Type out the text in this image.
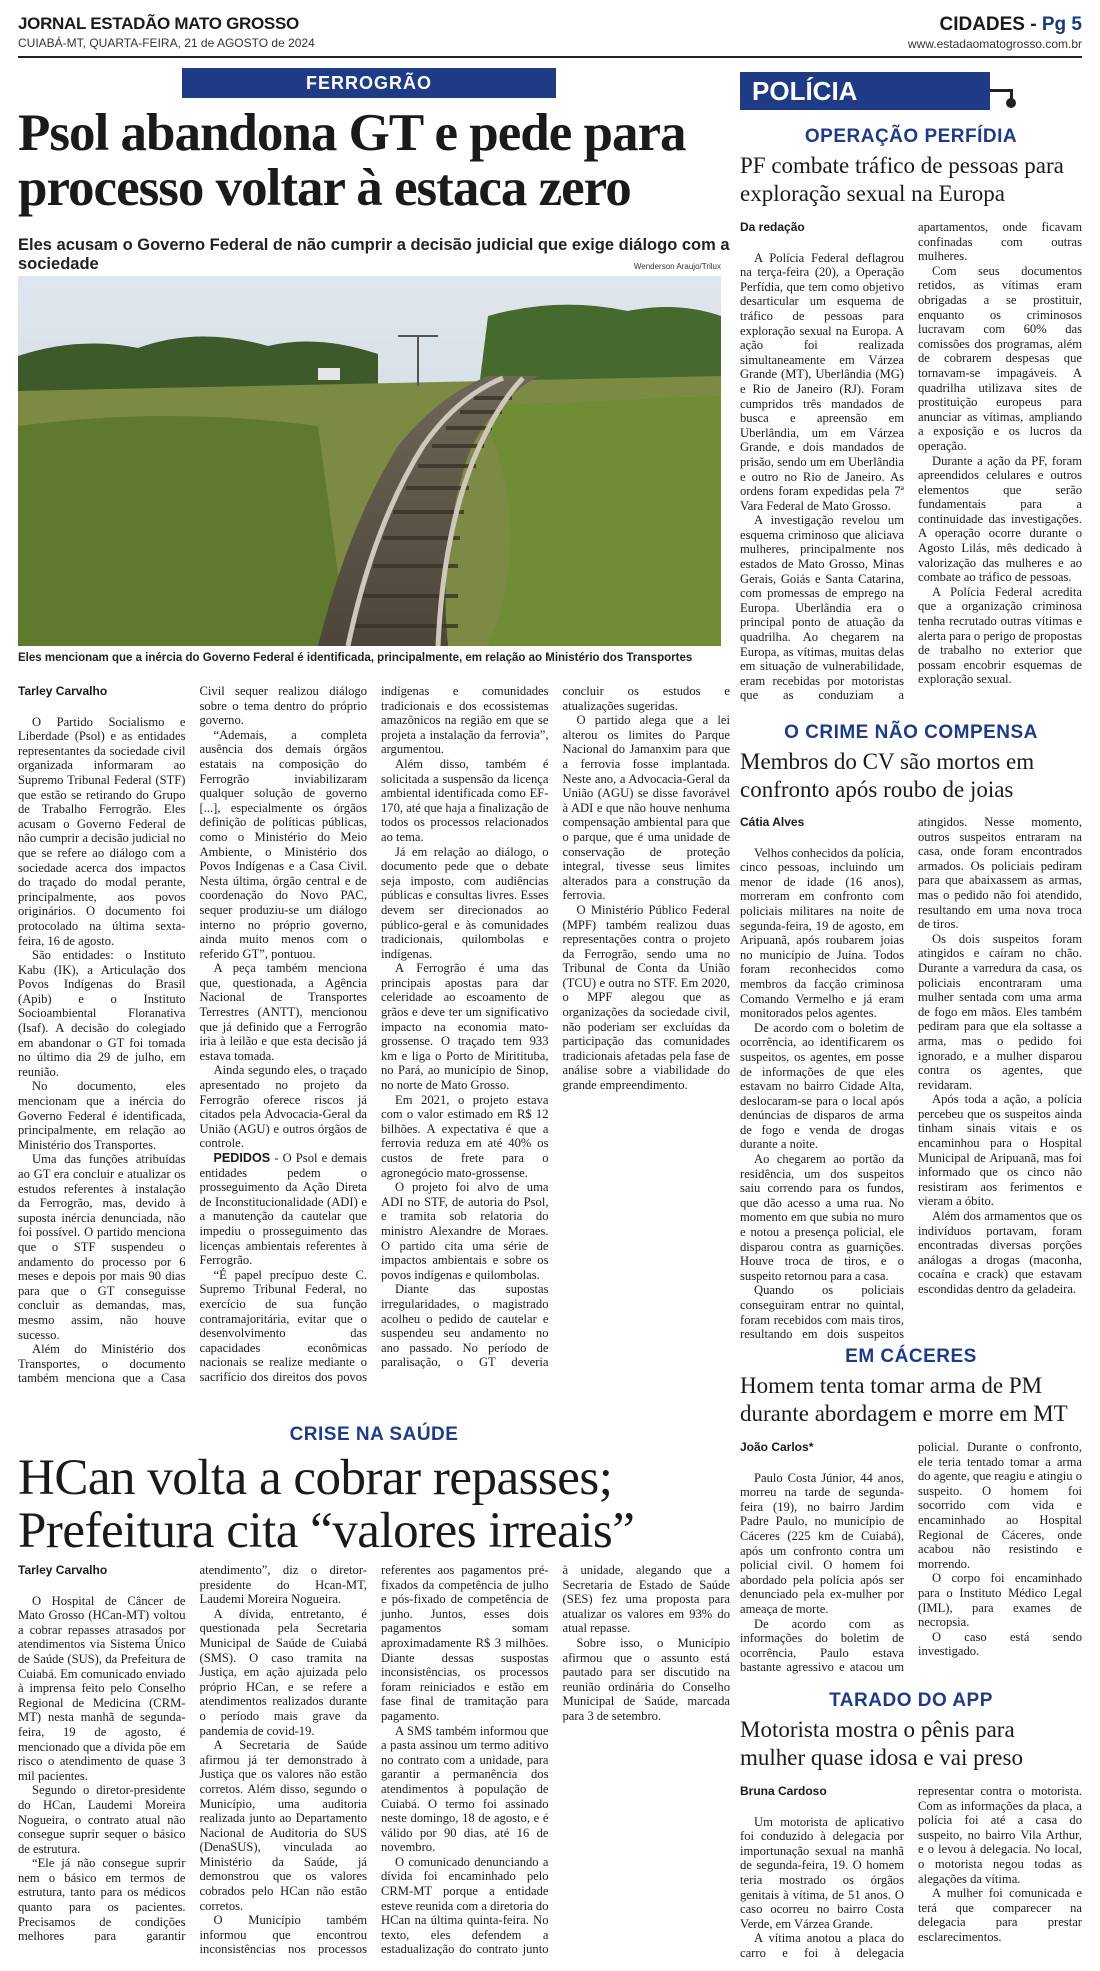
JORNAL ESTADÃO MATO GROSSO
CUIABÁ-MT, QUARTA-FEIRA, 21 de AGOSTO de 2024
CIDADES - Pg 5
www.estadaomatogrosso.com.br
FERROGRÃO
Psol abandona GT e pede para processo voltar à estaca zero
Eles acusam o Governo Federal de não cumprir a decisão judicial que exige diálogo com a sociedade	Wenderson Araujo/Trilux
Eles mencionam que a inércia do Governo Federal é identificada, principalmente, em relação ao Ministério dos Transportes
Tarley Carvalho

O Partido Socialismo e Liberdade (Psol) e as entidades representantes da sociedade civil organizada informaram ao Supremo Tribunal Federal (STF) que estão se retirando do Grupo de Trabalho Ferrogrão. Eles acusam o Governo Federal de não cumprir a decisão judicial no que se refere ao diálogo com a sociedade acerca dos impactos do traçado do modal perante, principalmente, aos povos originários. O documento foi protocolado na última sexta-feira, 16 de agosto.

São entidades: o Instituto Kabu (IK), a Articulação dos Povos Indígenas do Brasil (Apib) e o Instituto Socioambiental Floranativa (Isaf). A decisão do colegiado em abandonar o GT foi tomada no último dia 29 de julho, em reunião.

No documento, eles mencionam que a inércia do Governo Federal é identificada, principalmente, em relação ao Ministério dos Transportes.

Uma das funções atribuídas ao GT era concluir e atualizar os estudos referentes à instalação da Ferrogrão, mas, devido à suposta inércia denunciada, não foi possível. O partido menciona que o STF suspendeu o andamento do processo por 6 meses e depois por mais 90 dias para que o GT conseguisse concluir as demandas, mas, mesmo assim, não houve sucesso.

Além do Ministério dos Transportes, o documento também menciona que a Casa Civil sequer realizou diálogo sobre o tema dentro do próprio governo.

“Ademais, a completa ausência dos demais órgãos estatais na composição do Ferrogrão inviabilizaram qualquer solução de governo [...], especialmente os órgãos definição de políticas públicas, como o Ministério do Meio Ambiente, o Ministério dos Povos Indígenas e a Casa Civil. Nesta última, órgão central e de coordenação do Novo PAC, sequer produziu-se um diálogo interno no próprio governo, ainda muito menos com o referido GT”, pontuou.

A peça também menciona que, questionada, a Agência Nacional de Transportes Terrestres (ANTT), mencionou que já definido que a Ferrogrão iria à leilão e que esta decisão já estava tomada.

Ainda segundo eles, o traçado apresentado no projeto da Ferrogrão oferece riscos já citados pela Advocacia-Geral da União (AGU) e outros órgãos de controle.

PEDIDOS - O Psol e demais entidades pedem o prosseguimento da Ação Direta de Inconstitucionalidade (ADI) e a manutenção da cautelar que impediu o prosseguimento das licenças ambientais referentes à Ferrogrão.

“É papel precípuo deste C. Supremo Tribunal Federal, no exercício de sua função contramajoritária, evitar que o desenvolvimento das capacidades econômicas nacionais se realize mediante o sacrifício dos direitos dos povos indígenas e comunidades tradicionais e dos ecossistemas amazônicos na região em que se projeta a instalação da ferrovia”, argumentou.

Além disso, também é solicitada a suspensão da licença ambiental identificada como EF-170, até que haja a finalização de todos os processos relacionados ao tema.

Já em relação ao diálogo, o documento pede que o debate seja imposto, com audiências públicas e consultas livres. Esses devem ser direcionados ao público-geral e às comunidades tradicionais, quilombolas e indígenas.

A Ferrogrão é uma das principais apostas para dar celeridade ao escoamento de grãos e deve ter um significativo impacto na economia mato-grossense. O traçado tem 933 km e liga o Porto de Miritituba, no Pará, ao município de Sinop, no norte de Mato Grosso.

Em 2021, o projeto estava com o valor estimado em R$ 12 bilhões. A expectativa é que a ferrovia reduza em até 40% os custos de frete para o agronegócio mato-grossense.

O projeto foi alvo de uma ADI no STF, de autoria do Psol, e tramita sob relatoria do ministro Alexandre de Moraes. O partido cita uma série de impactos ambientais e sobre os povos indígenas e quilombolas.

Diante das supostas irregularidades, o magistrado acolheu o pedido de cautelar e suspendeu seu andamento no ano passado. No período de paralisação, o GT deveria concluir os estudos e atualizações sugeridas.

O partido alega que a lei alterou os limites do Parque Nacional do Jamanxim para que a ferrovia fosse implantada. Neste ano, a Advocacia-Geral da União (AGU) se disse favorável à ADI e que não houve nenhuma compensação ambiental para que o parque, que é uma unidade de conservação de proteção integral, tivesse seus limites alterados para a construção da ferrovia.

O Ministério Público Federal (MPF) também realizou duas representações contra o projeto da Ferrogrão, sendo uma no Tribunal de Conta da União (TCU) e outra no STF. Em 2020, o MPF alegou que as organizações da sociedade civil, não poderiam ser excluídas da participação das comunidades tradicionais afetadas pela fase de análise sobre a viabilidade do grande empreendimento.

CRISE NA SAÚDE
HCan volta a cobrar repasses; Prefeitura cita “valores irreais”
Tarley Carvalho

O Hospital de Câncer de Mato Grosso (HCan-MT) voltou a cobrar repasses atrasados por atendimentos via Sistema Único de Saúde (SUS), da Prefeitura de Cuiabá. Em comunicado enviado à imprensa feito pelo Conselho Regional de Medicina (CRM-MT) nesta manhã de segunda-feira, 19 de agosto, é mencionado que a dívida põe em risco o atendimento de quase 3 mil pacientes.

Segundo o diretor-presidente do HCan, Laudemi Moreira Nogueira, o contrato atual não consegue suprir sequer o básico de estrutura.

“Ele já não consegue suprir nem o básico em termos de estrutura, tanto para os médicos quanto para os pacientes. Precisamos de condições melhores para garantir atendimento”, diz o diretor-presidente do Hcan-MT, Laudemi Moreira Nogueira.

A dívida, entretanto, é questionada pela Secretaria Municipal de Saúde de Cuiabá (SMS). O caso tramita na Justiça, em ação ajuizada pelo próprio HCan, e se refere a atendimentos realizados durante o período mais grave da pandemia de covid-19.

A Secretaria de Saúde afirmou já ter demonstrado à Justiça que os valores não estão corretos. Além disso, segundo o Município, uma auditoria realizada junto ao Departamento Nacional de Auditoria do SUS (DenaSUS), vinculada ao Ministério da Saúde, já demonstrou que os valores cobrados pelo HCan não estão corretos.

O Município também informou que encontrou inconsistências nos processos referentes aos pagamentos pré-fixados da competência de julho e pós-fixado de competência de junho. Juntos, esses dois pagamentos somam aproximadamente R$ 3 milhões. Diante dessas suspostas inconsistências, os processos foram reiniciados e estão em fase final de tramitação para pagamento.

A SMS também informou que a pasta assinou um termo aditivo no contrato com a unidade, para garantir a permanência dos atendimentos à população de Cuiabá. O termo foi assinado neste domingo, 18 de agosto, e é válido por 90 dias, até 16 de novembro.

O comunicado denunciando a dívida foi encaminhado pelo CRM-MT porque a entidade esteve reunida com a diretoria do HCan na última quinta-feira. No texto, eles defendem a estadualização do contrato junto à unidade, alegando que a Secretaria de Estado de Saúde (SES) fez uma proposta para atualizar os valores em 93% do atual repasse.

Sobre isso, o Município afirmou que o assunto está pautado para ser discutido na reunião ordinária do Conselho Municipal de Saúde, marcada para 3 de setembro.

POLÍCIA
OPERAÇÃO PERFÍDIA
PF combate tráfico de pessoas para exploração sexual na Europa
Da redação

A Polícia Federal deflagrou na terça-feira (20), a Operação Perfídia, que tem como objetivo desarticular um esquema de tráfico de pessoas para exploração sexual na Europa. A ação foi realizada simultaneamente em Várzea Grande (MT), Uberlândia (MG) e Rio de Janeiro (RJ). Foram cumpridos três mandados de busca e apreensão em Uberlândia, um em Várzea Grande, e dois mandados de prisão, sendo um em Uberlândia e outro no Rio de Janeiro. As ordens foram expedidas pela 7ª Vara Federal de Mato Grosso.

A investigação revelou um esquema criminoso que aliciava mulheres, principalmente nos estados de Mato Grosso, Minas Gerais, Goiás e Santa Catarina, com promessas de emprego na Europa. Uberlândia era o principal ponto de atuação da quadrilha. Ao chegarem na Europa, as vítimas, muitas delas em situação de vulnerabilidade, eram recebidas por motoristas que as conduziam a apartamentos, onde ficavam confinadas com outras mulheres.

Com seus documentos retidos, as vítimas eram obrigadas a se prostituir, enquanto os criminosos lucravam com 60% das comissões dos programas, além de cobrarem despesas que tornavam-se impagáveis. A quadrilha utilizava sites de prostituição europeus para anunciar as vítimas, ampliando a exposição e os lucros da operação.

Durante a ação da PF, foram apreendidos celulares e outros elementos que serão fundamentais para a continuidade das investigações. A operação ocorre durante o Agosto Lilás, mês dedicado à valorização das mulheres e ao combate ao tráfico de pessoas.

A Polícia Federal acredita que a organização criminosa tenha recrutado outras vítimas e alerta para o perigo de propostas de trabalho no exterior que possam encobrir esquemas de exploração sexual.

O CRIME NÃO COMPENSA
Membros do CV são mortos em confronto após roubo de joias
Cátia Alves

Velhos conhecidos da polícia, cinco pessoas, incluindo um menor de idade (16 anos), morreram em confronto com policiais militares na noite de segunda-feira, 19 de agosto, em Aripuanã, após roubarem joias no município de Juína. Todos foram reconhecidos como membros da facção criminosa Comando Vermelho e já eram monitorados pelos agentes.

De acordo com o boletim de ocorrência, ao identificarem os suspeitos, os agentes, em posse de informações de que eles estavam no bairro Cidade Alta, deslocaram-se para o local após denúncias de disparos de arma de fogo e venda de drogas durante a noite.

Ao chegarem ao portão da residência, um dos suspeitos saiu correndo para os fundos, que dão acesso a uma rua. No momento em que subia no muro e notou a presença policial, ele disparou contra as guarnições. Houve troca de tiros, e o suspeito retornou para a casa.

Quando os policiais conseguiram entrar no quintal, foram recebidos com mais tiros, resultando em dois suspeitos atingidos. Nesse momento, outros suspeitos entraram na casa, onde foram encontrados armados. Os policiais pediram para que abaixassem as armas, mas o pedido não foi atendido, resultando em uma nova troca de tiros.

Os dois suspeitos foram atingidos e caíram no chão. Durante a varredura da casa, os policiais encontraram uma mulher sentada com uma arma de fogo em mãos. Eles também pediram para que ela soltasse a arma, mas o pedido foi ignorado, e a mulher disparou contra os agentes, que revidaram.

Após toda a ação, a polícia percebeu que os suspeitos ainda tinham sinais vitais e os encaminhou para o Hospital Municipal de Aripuanã, mas foi informado que os cinco não resistiram aos ferimentos e vieram a óbito.

Além dos armamentos que os indivíduos portavam, foram encontradas diversas porções análogas a drogas (maconha, cocaína e crack) que estavam escondidas dentro da geladeira.

EM CÁCERES
Homem tenta tomar arma de PM durante abordagem e morre em MT
João Carlos*

Paulo Costa Júnior, 44 anos, morreu na tarde de segunda-feira (19), no bairro Jardim Padre Paulo, no município de Cáceres (225 km de Cuiabá), após um confronto contra um policial civil. O homem foi abordado pela polícia após ser denunciado pela ex-mulher por ameaça de morte.

De acordo com as informações do boletim de ocorrência, Paulo estava bastante agressivo e atacou um policial. Durante o confronto, ele teria tentado tomar a arma do agente, que reagiu e atingiu o suspeito. O homem foi socorrido com vida e encaminhado ao Hospital Regional de Cáceres, onde acabou não resistindo e morrendo.

O corpo foi encaminhado para o Instituto Médico Legal (IML), para exames de necropsia.

O caso está sendo investigado.

TARADO DO APP
Motorista mostra o pênis para mulher quase idosa e vai preso
Bruna Cardoso

Um motorista de aplicativo foi conduzido à delegacia por importunação sexual na manhã de segunda-feira, 19. O homem teria mostrado os órgãos genitais à vítima, de 51 anos. O caso ocorreu no bairro Costa Verde, em Várzea Grande.

A vítima anotou a placa do carro e foi à delegacia representar contra o motorista. Com as informações da placa, a polícia foi até a casa do suspeito, no bairro Vila Arthur, e o levou à delegacia. No local, o motorista negou todas as alegações da vítima.

A mulher foi comunicada e terá que comparecer na delegacia para prestar esclarecimentos.
